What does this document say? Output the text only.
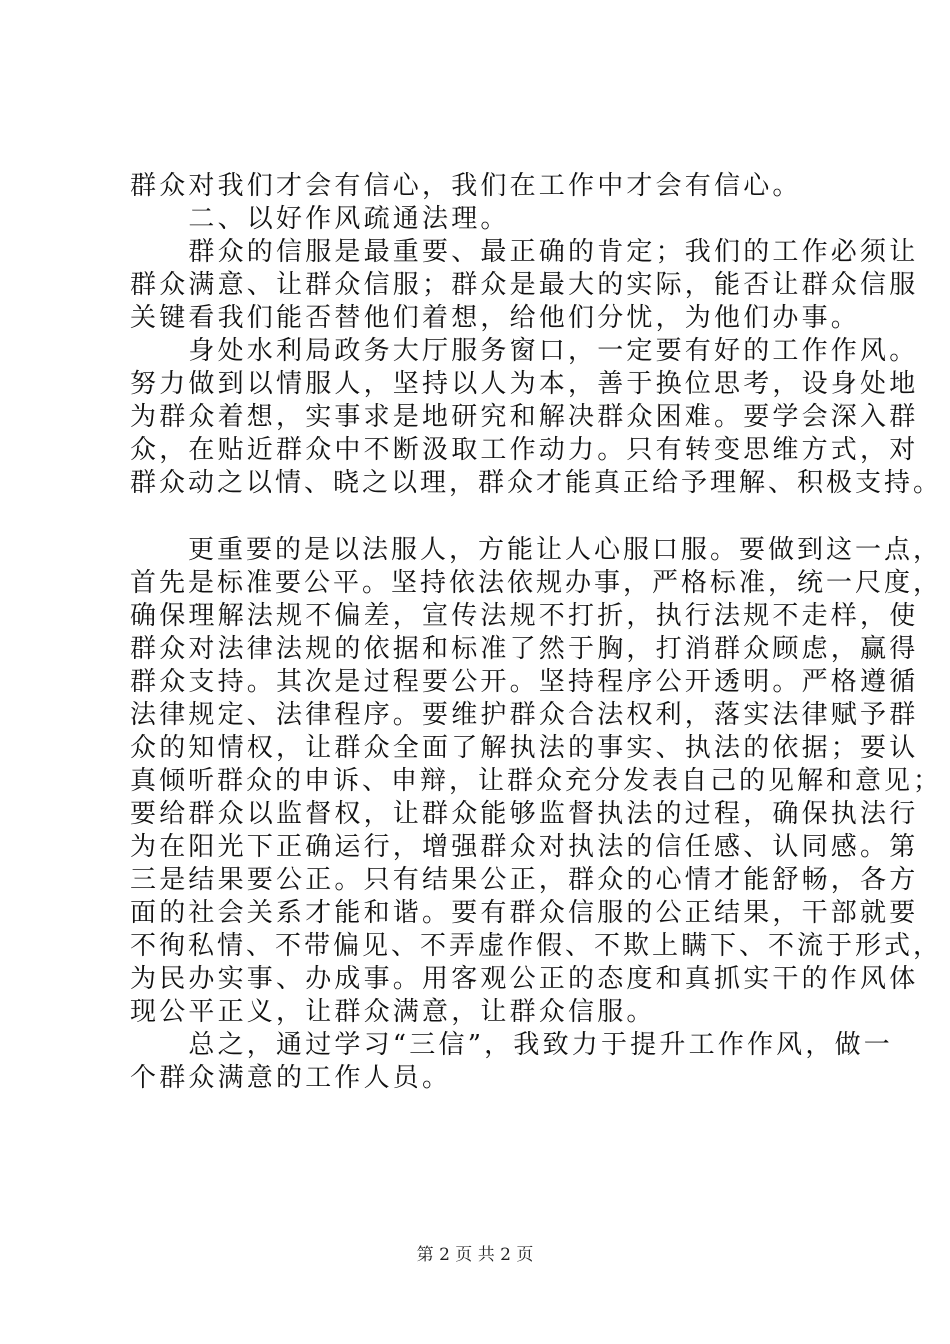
群众对我们才会有信心，我们在工作中才会有信心。
　　二、以好作风疏通法理。
　　群众的信服是最重要、最正确的肯定；我们的工作必须让
群众满意、让群众信服；群众是最大的实际，能否让群众信服
关键看我们能否替他们着想，给他们分忧，为他们办事。
　　身处水利局政务大厅服务窗口，一定要有好的工作作风。
努力做到以情服人，坚持以人为本，善于换位思考，设身处地
为群众着想，实事求是地研究和解决群众困难。要学会深入群
众，在贴近群众中不断汲取工作动力。只有转变思维方式，对
群众动之以情、晓之以理，群众才能真正给予理解、积极支持。
　　更重要的是以法服人，方能让人心服口服。要做到这一点，
首先是标准要公平。坚持依法依规办事，严格标准，统一尺度，
确保理解法规不偏差，宣传法规不打折，执行法规不走样，使
群众对法律法规的依据和标准了然于胸，打消群众顾虑，赢得
群众支持。其次是过程要公开。坚持程序公开透明。严格遵循
法律规定、法律程序。要维护群众合法权利，落实法律赋予群
众的知情权，让群众全面了解执法的事实、执法的依据；要认
真倾听群众的申诉、申辩，让群众充分发表自己的见解和意见；
要给群众以监督权，让群众能够监督执法的过程，确保执法行
为在阳光下正确运行，增强群众对执法的信任感、认同感。第
三是结果要公正。只有结果公正，群众的心情才能舒畅，各方
面的社会关系才能和谐。要有群众信服的公正结果，干部就要
不徇私情、不带偏见、不弄虚作假、不欺上瞒下、不流于形式，
为民办实事、办成事。用客观公正的态度和真抓实干的作风体
现公平正义，让群众满意，让群众信服。
　　总之，通过学习“三信”，我致力于提升工作作风，做一
个群众满意的工作人员。
第 2 页 共 2 页
